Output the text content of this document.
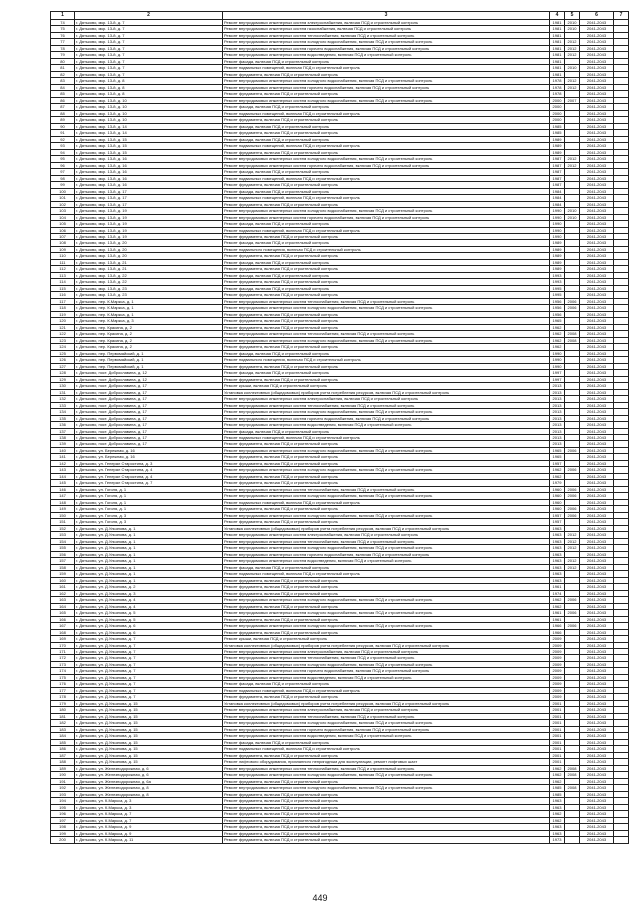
1	2	3	4	5	6	7
74	г. Дятьково, мкр. 13-й, д. 7	Ремонт внутридомовых инженерных систем электроснабжения, включая ПСД и строительный контроль	1981	2010	2041-2043	
75	г. Дятьково, мкр. 13-й, д. 7	Ремонт внутридомовых инженерных систем газоснабжения, включая ПСД и строительный контроль	1981	2010	2041-2043	
76	г. Дятьково, мкр. 13-й, д. 7	Ремонт внутридомовых инженерных систем теплоснабжения, включая ПСД и строительный контроль	1981		2041-2043	
77	г. Дятьково, мкр. 13-й, д. 7	Ремонт внутридомовых инженерных систем холодного водоснабжения, включая ПСД и строительный контроль	1981	2012	2041-2043	
78	г. Дятьково, мкр. 13-й, д. 7	Ремонт внутридомовых инженерных систем горячего водоснабжения, включая ПСД и строительный контроль	1981	2012	2041-2043	
79	г. Дятьково, мкр. 13-й, д. 7	Ремонт внутридомовых инженерных систем водоотведения, включая ПСД и строительный контроль	1981	2012	2041-2043	
80	г. Дятьково, мкр. 13-й, д. 7	Ремонт фасада, включая ПСД и строительный контроль	1981		2041-2043	
81	г. Дятьково, мкр. 13-й, д. 7	Ремонт подвальных помещений, включая ПСД и строительный контроль	1981	2010	2041-2043	
82	г. Дятьково, мкр. 13-й, д. 7	Ремонт фундамента, включая ПСД и строительный контроль	1981		2041-2043	
83	г. Дятьково, мкр. 13-й, д. 8	Ремонт внутридомовых инженерных систем холодного водоснабжения, включая ПСД и строительный контроль	1978	2012	2041-2043	
84	г. Дятьково, мкр. 13-й, д. 8	Ремонт внутридомовых инженерных систем горячего водоснабжения, включая ПСД и строительный контроль	1978	2012	2041-2043	
85	г. Дятьково, мкр. 13-й, д. 8	Ремонт фундамента, включая ПСД и строительный контроль	1978		2041-2043	
86	г. Дятьково, мкр. 13-й, д. 10	Ремонт внутридомовых инженерных систем холодного водоснабжения, включая ПСД и строительный контроль	2000	2007	2041-2043	
87	г. Дятьково, мкр. 13-й, д. 10	Ремонт фасада, включая ПСД и строительный контроль	2000		2041-2043	
88	г. Дятьково, мкр. 13-й, д. 10	Ремонт подвальных помещений, включая ПСД и строительный контроль	2000		2041-2043	
89	г. Дятьково, мкр. 13-й, д. 10	Ремонт фундамента, включая ПСД и строительный контроль	2000		2041-2043	
90	г. Дятьково, мкр. 13-й, д. 14	Ремонт фасада, включая ПСД и строительный контроль	1985		2041-2043	
91	г. Дятьково, мкр. 13-й, д. 14	Ремонт фундамента, включая ПСД и строительный контроль	1985		2041-2043	
92	г. Дятьково, мкр. 13-й, д. 15	Ремонт фасада, включая ПСД и строительный контроль	1989		2041-2043	
93	г. Дятьково, мкр. 13-й, д. 15	Ремонт подвальных помещений, включая ПСД и строительный контроль	1989		2041-2043	
94	г. Дятьково, мкр. 13-й, д. 15	Ремонт фундамента, включая ПСД и строительный контроль	1989		2041-2043	
95	г. Дятьково, мкр. 13-й, д. 16	Ремонт внутридомовых инженерных систем холодного водоснабжения, включая ПСД и строительный контроль	1987	2012	2041-2043	
96	г. Дятьково, мкр. 13-й, д. 16	Ремонт внутридомовых инженерных систем горячего водоснабжения, включая ПСД и строительный контроль	1987	2012	2041-2043	
97	г. Дятьково, мкр. 13-й, д. 16	Ремонт фасада, включая ПСД и строительный контроль	1987		2041-2043	
98	г. Дятьково, мкр. 13-й, д. 16	Ремонт подвальных помещений, включая ПСД и строительный контроль	1987		2041-2043	
99	г. Дятьково, мкр. 13-й, д. 16	Ремонт фундамента, включая ПСД и строительный контроль	1987		2041-2043	
100	г. Дятьково, мкр. 13-й, д. 17	Ремонт фасада, включая ПСД и строительный контроль	1984		2041-2043	
101	г. Дятьково, мкр. 13-й, д. 17	Ремонт подвальных помещений, включая ПСД и строительный контроль	1984		2041-2043	
102	г. Дятьково, мкр. 13-й, д. 17	Ремонт фундамента, включая ПСД и строительный контроль	1984		2041-2043	
103	г. Дятьково, мкр. 13-й, д. 19	Ремонт внутридомовых инженерных систем холодного водоснабжения, включая ПСД и строительный контроль	1990	2010	2041-2043	
104	г. Дятьково, мкр. 13-й, д. 19	Ремонт внутридомовых инженерных систем горячего водоснабжения, включая ПСД и строительный контроль	1990	2010	2041-2043	
105	г. Дятьково, мкр. 13-й, д. 19	Ремонт фасада, включая ПСД и строительный контроль	1990		2041-2043	
106	г. Дятьково, мкр. 13-й, д. 19	Ремонт подвальных помещений, включая ПСД и строительный контроль	1990		2041-2043	
107	г. Дятьково, мкр. 13-й, д. 19	Ремонт фундамента, включая ПСД и строительный контроль	1990		2041-2043	
108	г. Дятьково, мкр. 13-й, д. 20	Ремонт фасада, включая ПСД и строительный контроль	1989		2041-2043	
109	г. Дятьково, мкр. 13-й, д. 20	Ремонт подвального помещения, включая ПСД и строительный контроль	1989		2041-2043	
110	г. Дятьково, мкр. 13-й, д. 20	Ремонт фундамента, включая ПСД и строительный контроль	1989		2041-2043	
111	г. Дятьково, мкр. 13-й, д. 21	Ремонт фасада, включая ПСД и строительный контроль	1989		2041-2043	
112	г. Дятьково, мкр. 13-й, д. 21	Ремонт фундамента, включая ПСД и строительный контроль	1989		2041-2043	
113	г. Дятьково, мкр. 13-й, д. 22	Ремонт фасада, включая ПСД и строительный контроль	1993		2041-2043	
114	г. Дятьково, мкр. 13-й, д. 22	Ремонт фундамента, включая ПСД и строительный контроль	1993		2041-2043	
115	г. Дятьково, мкр. 13-й, д. 23	Ремонт фасада, включая ПСД и строительный контроль	1995		2041-2043	
116	г. Дятьково, мкр. 13-й, д. 23	Ремонт фундамента, включая ПСД и строительный контроль	1995		2041-2043	
117	г. Дятьково, пер. К.Маркса, д. 1	Ремонт внутридомовых инженерных систем теплоснабжения, включая ПСД и строительный контроль	1956	2006	2041-2043	
118	г. Дятьково, пер. К.Маркса, д. 1	Ремонт внутридомовых инженерных систем холодного водоснабжения, включая ПСД и строительный контроль	1956	2006	2041-2043	
119	г. Дятьково, пер. К.Маркса, д. 1	Ремонт фундамента, включая ПСД и строительный контроль	1956		2041-2043	
120	г. Дятьково, пер. К.Маркса, д. 3	Ремонт фундамента, включая ПСД и строительный контроль	1965		2041-2043	
121	г. Дятьково, пер. Красина, д. 2	Ремонт фундамента, включая ПСД и строительный контроль	1962		2041-2043	
122	г. Дятьково, пер. Красина, д. 2	Ремонт внутридомовых инженерных систем теплоснабжения, включая ПСД и строительный контроль	1962	2008	2041-2043	
123	г. Дятьково, пер. Красина, д. 2	Ремонт внутридомовых инженерных систем холодного водоснабжения, включая ПСД и строительный контроль	1962	2008	2041-2043	
124	г. Дятьково, пер. Красина, д. 2	Ремонт фундамента, включая ПСД и строительный контроль	1962		2041-2043	
125	г. Дятьково, пер. Первомайский, д. 1	Ремонт фасада, включая ПСД и строительный контроль	1990		2041-2043	
126	г. Дятьково, пер. Первомайский, д. 1	Ремонт подвального помещения, включая ПСД и строительный контроль	1990		2041-2043	
127	г. Дятьково, пер. Первомайский, д. 1	Ремонт фундамента, включая ПСД и строительный контроль	1990		2041-2043	
128	г. Дятьково, пост. Доброславина, д. 12	Ремонт фасада, включая ПСД и строительный контроль	1997		2041-2043	
129	г. Дятьково, пост. Доброславина, д. 12	Ремонт фундамента, включая ПСД и строительный контроль	1997		2041-2043	
130	г. Дятьково, пост. Доброславина, д. 17	Ремонт крыши, включая ПСД и строительный контроль	2013		2041-2043	
131	г. Дятьково, пост. Доброславина, д. 17	Установка коллективных (общедомовых) приборов учета потребления ресурсов, включая ПСД и строительный контроль	2013		2041-2043	
132	г. Дятьково, пост. Доброславина, д. 17	Ремонт внутридомовых инженерных систем электроснабжения, включая ПСД и строительный контроль	2013		2041-2043	
133	г. Дятьково, пост. Доброславина, д. 17	Ремонт внутридомовых инженерных систем теплоснабжения, включая ПСД и строительный контроль	2013		2041-2043	
134	г. Дятьково, пост. Доброславина, д. 17	Ремонт внутридомовых инженерных систем холодного водоснабжения, включая ПСД и строительный контроль	2013		2041-2043	
135	г. Дятьково, пост. Доброславина, д. 17	Ремонт внутридомовых инженерных систем горячего водоснабжения, включая ПСД и строительный контроль	2013		2041-2043	
136	г. Дятьково, пост. Доброславина, д. 17	Ремонт внутридомовых инженерных систем водоотведения, включая ПСД и строительный контроль	2013		2041-2043	
137	г. Дятьково, пост. Доброславина, д. 17	Ремонт фасада, включая ПСД и строительный контроль	2013		2041-2043	
138	г. Дятьково, пост. Доброславина, д. 17	Ремонт подвальных помещений, включая ПСД и строительный контроль	2013		2041-2043	
139	г. Дятьково, пост. Доброславина, д. 17	Ремонт фундамента, включая ПСД и строительный контроль	2013		2041-2043	
140	г. Дятьково, ул. Бережная, д. 16	Ремонт внутридомовых инженерных систем холодного водоснабжения, включая ПСД и строительный контроль	1965	2006	2041-2043	
141	г. Дятьково, ул. Бережная, д. 16	Ремонт фундамента, включая ПСД и строительный контроль	1965		2041-2043	
142	г. Дятьково, ул. Генерал Старостина, д. 3	Ремонт фундамента, включая ПСД и строительный контроль	1957		2041-2043	
143	г. Дятьково, ул. Генерал Старостина, д. 4	Ремонт внутридомовых инженерных систем холодного водоснабжения, включая ПСД и строительный контроль	1962	2006	2041-2043	
144	г. Дятьково, ул. Генерал Старостина, д. 4	Ремонт фундамента, включая ПСД и строительный контроль	1962		2041-2043	
145	г. Дятьково, ул. Генерал Старостина, д. 7	Ремонт фундамента, включая ПСД и строительный контроль	1979		2041-2043	
146	г. Дятьково, ул. Гоголя, д. 1	Ремонт внутридомовых инженерных систем теплоснабжения, включая ПСД и строительный контроль	1960	2006	2041-2043	
147	г. Дятьково, ул. Гоголя, д. 1	Ремонт внутридомовых инженерных систем холодного водоснабжения, включая ПСД и строительный контроль	1960	2006	2041-2043	
148	г. Дятьково, ул. Гоголя, д. 1	Ремонт подвальных помещений, включая ПСД и строительный контроль	1960		2041-2043	
149	г. Дятьково, ул. Гоголя, д. 1	Ремонт фундамента, включая ПСД и строительный контроль	1960	2006	2041-2043	
150	г. Дятьково, ул. Гоголя, д. 3	Ремонт внутридомовых инженерных систем холодного водоснабжения, включая ПСД и строительный контроль	1957	2006	2041-2043	
151	г. Дятьково, ул. Гоголя, д. 3	Ремонт фундамента, включая ПСД и строительный контроль	1957		2041-2043	
152	г. Дятьково, ул. Д.Ульянова, д. 1	Установка коллективных (общедомовых) приборов учета потребления ресурсов, включая ПСД и строительный контроль	1963		2041-2043	
153	г. Дятьково, ул. Д.Ульянова, д. 1	Ремонт внутридомовых инженерных систем электроснабжения, включая ПСД и строительный контроль	1963	2012	2041-2043	
154	г. Дятьково, ул. Д.Ульянова, д. 1	Ремонт внутридомовых инженерных систем теплоснабжения, включая ПСД и строительный контроль	1963	2012	2041-2043	
155	г. Дятьково, ул. Д.Ульянова, д. 1	Ремонт внутридомовых инженерных систем холодного водоснабжения, включая ПСД и строительный контроль	1963	2012	2041-2043	
156	г. Дятьково, ул. Д.Ульянова, д. 1	Ремонт внутридомовых инженерных систем горячего водоснабжения, включая ПСД и строительный контроль	1963		2041-2043	
157	г. Дятьково, ул. Д.Ульянова, д. 1	Ремонт внутридомовых инженерных систем водоотведения, включая ПСД и строительный контроль	1963	2012	2041-2043	
158	г. Дятьково, ул. Д.Ульянова, д. 1	Ремонт фасада, включая ПСД и строительный контроль	1963	2012	2041-2043	
159	г. Дятьково, ул. Д.Ульянова, д. 1	Ремонт подвальных помещений, включая ПСД и строительный контроль	1963		2041-2043	
160	г. Дятьково, ул. Д.Ульянова, д. 1	Ремонт фундамента, включая ПСД и строительный контроль	1963		2041-2043	
161	г. Дятьково, ул. Д.Ульянова, д. 2	Ремонт фундамента, включая ПСД и строительный контроль	1961		2041-2043	
162	г. Дятьково, ул. Д.Ульянова, д. 3	Ремонт фундамента, включая ПСД и строительный контроль	1974		2041-2043	
163	г. Дятьково, ул. Д.Ульянова, д. 4	Ремонт внутридомовых инженерных систем холодного водоснабжения, включая ПСД и строительный контроль	1962	2006	2041-2043	
164	г. Дятьково, ул. Д.Ульянова, д. 4	Ремонт фундамента, включая ПСД и строительный контроль	1962		2041-2043	
165	г. Дятьково, ул. Д.Ульянова, д. 5	Ремонт внутридомовых инженерных систем холодного водоснабжения, включая ПСД и строительный контроль	1961	2006	2041-2043	
166	г. Дятьково, ул. Д.Ульянова, д. 5	Ремонт фундамента, включая ПСД и строительный контроль	1961		2041-2043	
167	г. Дятьково, ул. Д.Ульянова, д. 6	Ремонт внутридомовых инженерных систем холодного водоснабжения, включая ПСД и строительный контроль	1966	2006	2041-2043	
168	г. Дятьково, ул. Д.Ульянова, д. 6	Ремонт фундамента, включая ПСД и строительный контроль	1966		2041-2043	
169	г. Дятьково, ул. Д.Ульянова, д. 7	Ремонт крыши, включая ПСД и строительный контроль	2009		2041-2043	
170	г. Дятьково, ул. Д.Ульянова, д. 7	Установка коллективных (общедомовых) приборов учета потребления ресурсов, включая ПСД и строительный контроль	2009		2041-2043	
171	г. Дятьково, ул. Д.Ульянова, д. 7	Ремонт внутридомовых инженерных систем электроснабжения, включая ПСД и строительный контроль	2009		2041-2043	
172	г. Дятьково, ул. Д.Ульянова, д. 7	Ремонт внутридомовых инженерных систем теплоснабжения, включая ПСД и строительный контроль	2009		2041-2043	
173	г. Дятьково, ул. Д.Ульянова, д. 7	Ремонт внутридомовых инженерных систем холодного водоснабжения, включая ПСД и строительный контроль	2009		2041-2043	
174	г. Дятьково, ул. Д.Ульянова, д. 7	Ремонт внутридомовых инженерных систем горячего водоснабжения, включая ПСД и строительный контроль	2009		2041-2043	
175	г. Дятьково, ул. Д.Ульянова, д. 7	Ремонт внутридомовых инженерных систем водоотведения, включая ПСД и строительный контроль	2009		2041-2043	
176	г. Дятьково, ул. Д.Ульянова, д. 7	Ремонт фасада, включая ПСД и строительный контроль	2009		2041-2043	
177	г. Дятьково, ул. Д.Ульянова, д. 7	Ремонт подвальных помещений, включая ПСД и строительный контроль	2009		2041-2043	
178	г. Дятьково, ул. Д.Ульянова, д. 7	Ремонт фундамента, включая ПСД и строительный контроль	2009		2041-2043	
179	г. Дятьково, ул. Д.Ульянова, д. 15	Установка коллективных (общедомовых) приборов учета потребления ресурсов, включая ПСД и строительный контроль	2001		2041-2043	
180	г. Дятьково, ул. Д.Ульянова, д. 15	Ремонт внутридомовых инженерных систем электроснабжения, включая ПСД и строительный контроль	2001		2041-2043	
181	г. Дятьково, ул. Д.Ульянова, д. 15	Ремонт внутридомовых инженерных систем теплоснабжения, включая ПСД и строительный контроль	2001		2041-2043	
182	г. Дятьково, ул. Д.Ульянова, д. 15	Ремонт внутридомовых инженерных систем холодного водоснабжения, включая ПСД и строительный контроль	2001		2041-2043	
183	г. Дятьково, ул. Д.Ульянова, д. 15	Ремонт внутридомовых инженерных систем горячего водоснабжения, включая ПСД и строительный контроль	2001		2041-2043	
184	г. Дятьково, ул. Д.Ульянова, д. 15	Ремонт внутридомовых инженерных систем водоотведения, включая ПСД и строительный контроль	2001		2041-2043	
185	г. Дятьково, ул. Д.Ульянова, д. 15	Ремонт фасада, включая ПСД и строительный контроль	2001		2041-2043	
186	г. Дятьково, ул. Д.Ульянова, д. 15	Ремонт подвальных помещений, включая ПСД и строительный контроль	2001		2041-2043	
187	г. Дятьково, ул. Д.Ульянова, д. 15	Ремонт фундамента, включая ПСД и строительный контроль	2001		2041-2043	
188	г. Дятьково, ул. Д.Ульянова, д. 15	Ремонт лифтового оборудования, признанного непригодным для эксплуатации, ремонт лифтовых шахт	2001		2041-2043	
189	г. Дятьково, ул. Железнодорожная, д. 6	Ремонт внутридомовых инженерных систем теплоснабжения, включая ПСД и строительный контроль	1962	2008	2041-2043	
190	г. Дятьково, ул. Железнодорожная, д. 6	Ремонт внутридомовых инженерных систем холодного водоснабжения, включая ПСД и строительный контроль	1962	2008	2041-2043	
191	г. Дятьково, ул. Железнодорожная, д. 6а	Ремонт фундамента, включая ПСД и строительный контроль	1962		2041-2043	
192	г. Дятьково, ул. Железнодорожная, д. 8	Ремонт внутридомовых инженерных систем холодного водоснабжения, включая ПСД и строительный контроль	1985	2008	2041-2043	
193	г. Дятьково, ул. Железнодорожная, д. 8	Ремонт фундамента, включая ПСД и строительный контроль	1985		2041-2043	
194	г. Дятьково, ул. К.Маркса, д. 3	Ремонт фундамента, включая ПСД и строительный контроль	1963		2041-2043	
195	г. Дятьково, ул. К.Маркса, д. 3	Ремонт фундамента, включая ПСД и строительный контроль	1963		2041-2043	
196	г. Дятьково, ул. К.Маркса, д. 7	Ремонт фундамента, включая ПСД и строительный контроль	1962		2041-2043	
197	г. Дятьково, ул. К.Маркса, д. 7	Ремонт фундамента, включая ПСД и строительный контроль	1962		2041-2043	
198	г. Дятьково, ул. К.Маркса, д. 9	Ремонт фундамента, включая ПСД и строительный контроль	1963		2041-2043	
199	г. Дятьково, ул. К.Маркса, д. 9	Ремонт фундамента, включая ПСД и строительный контроль	1963		2041-2043	
200	г. Дятьково, ул. К.Маркса, д. 11	Ремонт фундамента, включая ПСД и строительный контроль	1973		2041-2043	
449
